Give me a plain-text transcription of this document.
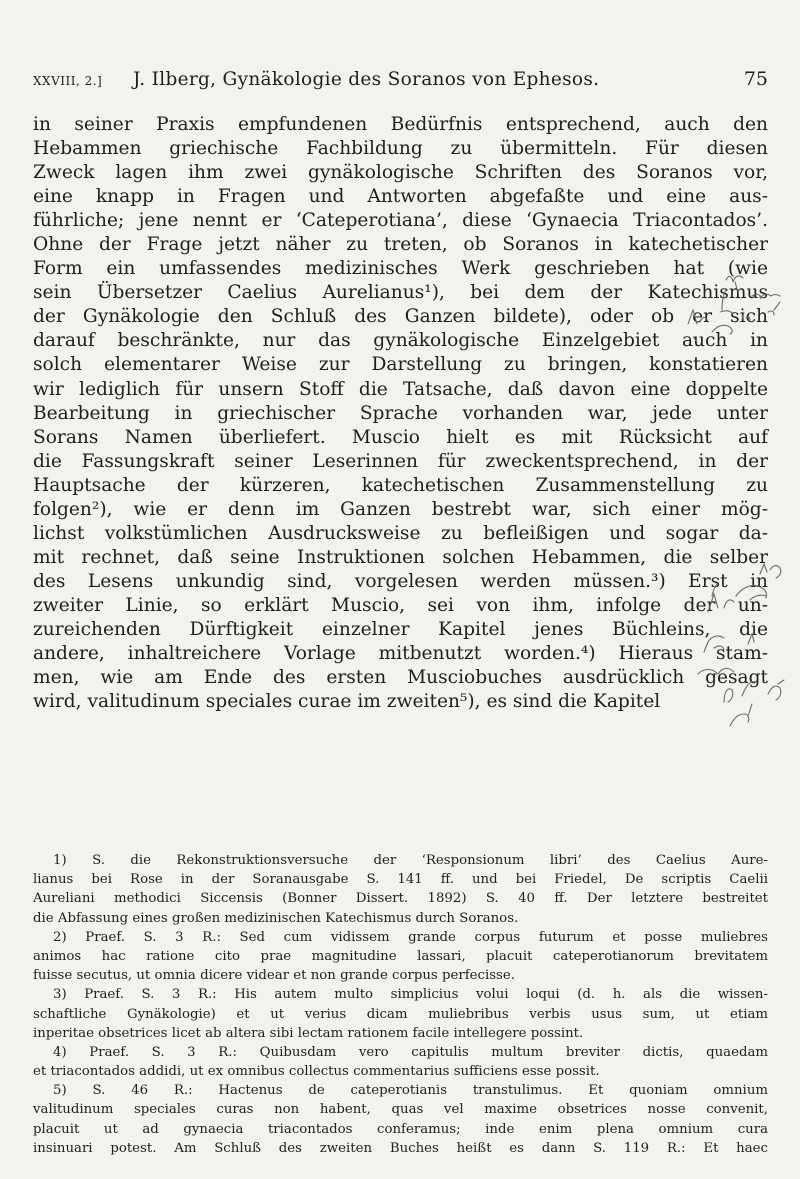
XXVIII, 2.] J. Ilberg, Gynäkologie des Soranos von Ephesos.	75
in seiner Praxis empfundenen Bedürfnis entsprechend, auch den
Hebammen griechische Fachbildung zu übermitteln. Für diesen
Zweck lagen ihm zwei gynäkologische Schriften des Soranos vor,
eine knapp in Fragen und Antworten abgefaßte und eine aus-
führliche; jene nennt er ‘Cateperotiana’, diese ‘Gynaecia Triacontados’.
Ohne der Frage jetzt näher zu treten, ob Soranos in katechetischer
Form ein umfassendes medizinisches Werk geschrieben hat (wie
sein Übersetzer Caelius Aurelianus¹), bei dem der Katechismus
der Gynäkologie den Schluß des Ganzen bildete), oder ob er sich
darauf beschränkte, nur das gynäkologische Einzelgebiet auch in
solch elementarer Weise zur Darstellung zu bringen, konstatieren
wir lediglich für unsern Stoff die Tatsache, daß davon eine doppelte
Bearbeitung in griechischer Sprache vorhanden war, jede unter
Sorans Namen überliefert. Muscio hielt es mit Rücksicht auf
die Fassungskraft seiner Leserinnen für zweckentsprechend, in der
Hauptsache der kürzeren, katechetischen Zusammenstellung zu
folgen²), wie er denn im Ganzen bestrebt war, sich einer mög-
lichst volkstümlichen Ausdrucksweise zu befleißigen und sogar da-
mit rechnet, daß seine Instruktionen solchen Hebammen, die selber
des Lesens unkundig sind, vorgelesen werden müssen.³) Erst in
zweiter Linie, so erklärt Muscio, sei von ihm, infolge der un-
zureichenden Dürftigkeit einzelner Kapitel jenes Büchleins, die
andere, inhaltreichere Vorlage mitbenutzt worden.⁴) Hieraus stam-
men, wie am Ende des ersten Musciobuches ausdrücklich gesagt
wird, valitudinum speciales curae im zweiten⁵), es sind die Kapitel
1) S. die Rekonstruktionsversuche der ‘Responsionum libri’ des Caelius Aure-
lianus bei Rose in der Soranausgabe S. 141 ff. und bei Friedel, De scriptis Caelii
Aureliani methodici Siccensis (Bonner Dissert. 1892) S. 40 ff. Der letztere bestreitet
die Abfassung eines großen medizinischen Katechismus durch Soranos.
2) Praef. S. 3 R.: Sed cum vidissem grande corpus futurum et posse muliebres
animos hac ratione cito prae magnitudine lassari, placuit cateperotianorum brevitatem
fuisse secutus, ut omnia dicere videar et non grande corpus perfecisse.
3) Praef. S. 3 R.: His autem multo simplicius volui loqui (d. h. als die wissen-
schaftliche Gynäkologie) et ut verius dicam muliebribus verbis usus sum, ut etiam
inperitae obsetrices licet ab altera sibi lectam rationem facile intellegere possint.
4) Praef. S. 3 R.: Quibusdam vero capitulis multum breviter dictis, quaedam
et triacontados addidi, ut ex omnibus collectus commentarius sufficiens esse possit.
5) S. 46 R.: Hactenus de cateperotianis transtulimus. Et quoniam omnium
valitudinum speciales curas non habent, quas vel maxime obsetrices nosse convenit,
placuit ut ad gynaecia triacontados conferamus; inde enim plena omnium cura
insinuari potest. Am Schluß des zweiten Buches heißt es dann S. 119 R.: Et haec
